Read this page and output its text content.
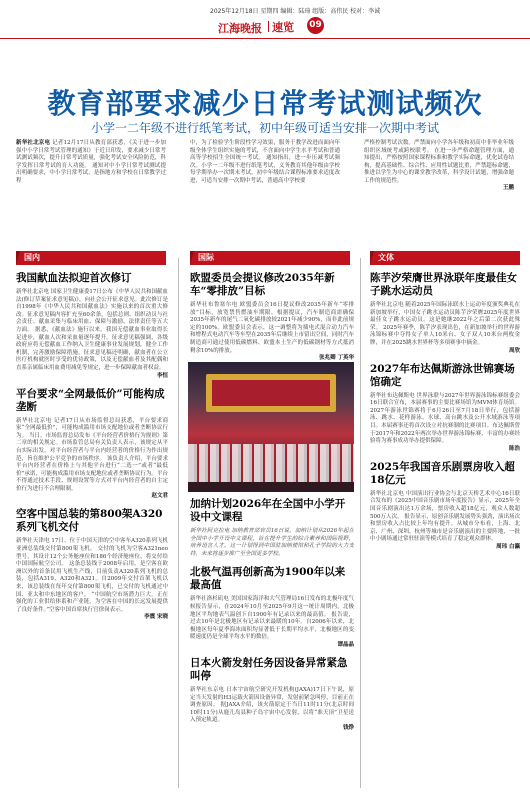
2025年12月18日 星期四 编辑：陆琦 组版：高伟民 校对：李诚
江海晚报 速览 09
教育部要求减少日常考试测试频次
小学一二年级不进行纸笔考试，初中年级可适当安排一次期中考试
新华社北京电 记者12月17日从教育部获悉，《关于进一步加强中小学日常考试管理的通知》于近日印发，要求减少日常考试测试频次，提升日常考试质量，强化考试安全风险防范，科学发挥日常考试的育人功能。 通知对中小学日常考试测试提出明确要求，中小学日常考试，是指地方和学校在日常教学过程
中，为了检验学生阶段性学习效果，服务于教学改进而面向年级全体学生组织实施的考试，不含面向中学生水平考试和普通高等学校招生全国统一考试。 通知指出，进一步压减考试频次。小学一二年级不进行纸笔考试，义务教育其他年级由学校每学期举办一次期末考试，初中年级结合课程标准要求适度改进，可适当安排一次期中考试，普通高中学校要
严格控制考试次数。严禁面向小学各年级和初高中非毕业年级组织区域统考或跨校联考。 在进一步严格命题管理方面，通知提出，严格按照国家课程标准和教学实际命题，优化试卷结构，提高基础性、综合性、应用性试题比重，严禁超标命题，推进以学生为中心的课堂教学改革，科学设计试题，增强命题工作的规范性。
王鹏
国内	国际	文体
我国献血法拟迎首次修订

新华社北京电 国家卫生健康委17日公布《中华人民共和国献血法(修订草案征求意见稿)》，向社会公开征求意见。此次修订是自1998年《中华人民共和国献血法》实施以来的首次重大修改。征求意见稿内容扩充至60余条，包括总则、组织动员与社会责任、献血采集与临床用血、保障与激励、法律责任等五大方面。 据悉，《献血法》施行以来，我国无偿献血事业取得长足进步，献血人次和采血量逐年提升。征求意见稿强调，各级政府应将无偿献血工作纳入卫生健康事业发展规划，健全工作机制，完善激励保障措施。征求意见稿还明确，献血者在公立医疗机构就医时享受的优待政策，以及无偿献血者及其配偶和直系亲属临床用血费用减免等规定，进一步保障献血者权益。

李恒

平台要求“全网最低价”可能构成垄断

新华社北京电 记者17日从市场监督总局获悉，平台要求商家“全网最低价”，可能构成滥用市场支配地位或者垄断协议行为。 当日，市场监督总局发布《平台经营者价格行为规则》第二章的相关规定。市场监管总局有关负责人表示，该规定从平台实际出发，对平台经营者与平台内经营者的价格行为作出规范，旨在维护公平竞争的市场秩序。 该负责人介绍，平台要求平台内经营者在价格上与其他平台进行“二选一”或者“最低价”承诺，可能构成滥用市场支配地位或者垄断协议行为。平台不得通过技术手段、规则设置等方式对平台内经营者的自主定价行为进行不合理限制。

赵文君

空客中国总装的第800架A320系列飞机交付

新华社天津电 17日，位于中国天津的空中客车A320系列飞机亚洲总装线交付第800架飞机。 交付的飞机为空客A321neo型号，其设计12个公务舱座位和186个经济舱座位，将交付给中国国际航空公司。 这条总装线于2008年启用，是空客在欧洲以外的首条民用飞机生产线，目前负责A320系列飞机的总装，包括A319、A320和A321。自2009年交付首架飞机以来，该总装线在每年交付第800架飞机，已交付的飞机通过中国、亚太和中东地区的客户。 “中国航空市场潜力巨大，正在强化的工业供给体系和产业链，为空客在中国的长远发展提供了良好条件。”空客中国首席执行官徐岗表示。

李震 宋晓

欧盟委员会提议修改2035年新车“零排放”目标

新华社布鲁塞尔电 欧盟委员会16日提议修改2035年新车“零排放”目标，放宽禁售燃油车期限。根据提议，汽车制造商需确保2035年新车的尾气二氧化碳排放较2021年减少90%，而非此前规定的100%。欧盟委员会表示，这一调整将为插电式混合动力汽车和增程式电动汽车等车型在2035年后继续上市留出空间，同时汽车制造商可通过使用低碳燃料、欧盟本土生产的低碳钢材等方式抵消剩余10%的排放。

张兆卿 丁英华

加纳计划2026年在全国中小学开设中文课程

新华社阿克拉电 加纳教育部官员16日说，加纳计划从2026年起在全国中小学开设中文课程，旨在提升学生的综合素养和国际视野，培养语言人才。这一计划得到中国驻加纳使馆和孔子学院的大力支持，未来将逐步推广至全国更多学校。

北极气温再创新高为1900年以来最高值

新华社洛杉矶电 美国国家海洋和大气管理局16日发布的北极年度气候报告显示，在2024年10月至2025年9月这一统计周期内，北极地区平均地表气温创下自1900年有记录以来的最高值。 报告说，过去10年是北极地区有记录以来最暖的10年。自2006年以来，北极地区每年夏季海冰面积均显著低于长期平均水平，北极地区的变暖速度仍是全球平均水平的数倍。

谭晶晶

日本火箭发射任务因设备异常紧急叫停

新华社东京电 日本宇宙航空研究开发机构(JAXA)17日下午说，原定当天发射的H3运载火箭因设备异常，发射前紧急叫停，目前正在调查原因。 据JAXA介绍，该火箭原定于当日11时11分(北京时间10时11分)从鹿儿岛县种子岛宇宙中心发射，以将“准天顶”卫星送入预定轨道。

钱铮

陈芋汐荣膺世界泳联年度最佳女子跳水运动员

新华社北京电 随着2025年国际泳联水上运动年度颁奖典礼在新加坡举行，中国女子跳水运动员陈芋汐荣膺2025年度世界最佳女子跳水运动员。这是她继2022年之后第二次获此殊荣。 2025年赛季，陈芋汐表现出色，在新加坡举行的世界游泳锦标赛中夺得女子单人10米台、女子双人10米台两枚金牌，并在2025跳水世界杯等多项赛事中摘金。

周欣

2027年布达佩斯游泳世锦赛场馆确定

新华社布达佩斯电 世界泳联与2027年世界游泳锦标赛组委会16日联合宣布，本届赛事的主要比赛场馆为MVM体育场馆。 2027年游泳世锦赛将于6月26日至7月18日举行，包括游泳、跳水、花样游泳、水球、高台跳水及公开水域游泳等项目。本届赛事还将首次设立对抗赛制的比赛项目。布达佩斯曾于2017年和2022年两次举办世界游泳锦标赛，丰富的办赛经验将为赛事成功举办提供保障。

陈浩

2025年我国音乐剧票房收入超18亿元

新华社北京电 中国演出行业协会与北京天桥艺术中心16日联合发布的《2025中国音乐剧市场年度报告》显示，2025年全国音乐剧演出达1万余场，票房收入超18亿元，观众人数超500万人次。 报告显示，原创音乐剧发展势头强劲，演出场次和票房收入占比较上年均有提升。从城市分布看，上海、北京、广州、深圳、杭州等城市是音乐剧演出的主要阵地，一批中小剧场通过常驻驻演等模式培育了稳定观众群体。

周玮 白瀛
